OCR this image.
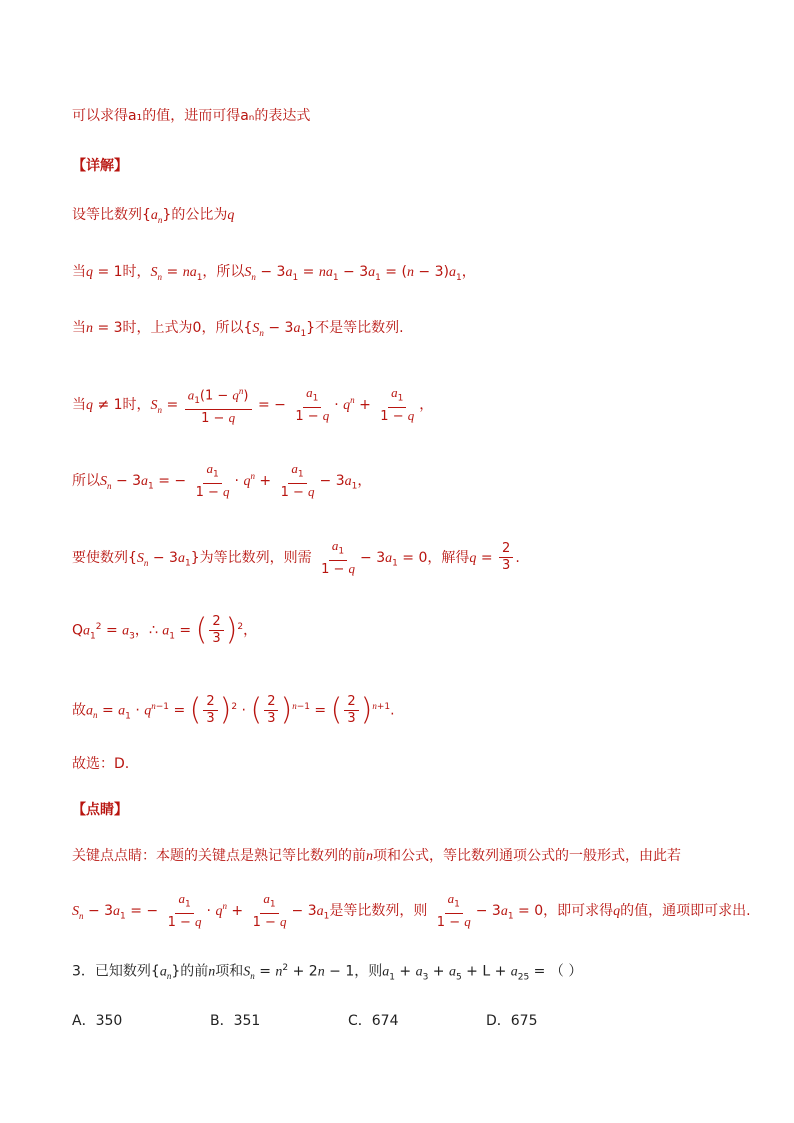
可以求得a₁的值，进而可得aₙ的表达式
【详解】
设等比数列$\{a_n\}$的公比为q
当q = 1时，$S_n = na_1$，所以$S_n - 3a_1 = na_1 - 3a_1 = (n - 3)a_1$，
当n = 3时，上式为0，所以$\{S_n - 3a_1\}$不是等比数列.
当q ≠ 1时，$S_n = \frac{a_1(1 - q^n)}{1 - q}$ = − $\frac{a_1}{1 - q} \cdot q^n + \frac{a_1}{1 - q}$ ，
所以$S_n - 3a_1$ = − $\frac{a_1}{1 - q} \cdot q^n + \frac{a_1}{1 - q} - 3a_1$，
要使数列$\{S_n - 3a_1\}$为等比数列，则需 $\frac{a_1}{1 - q} - 3a_1 = 0$，解得$q = \frac{2}{3}$ .
$Qa_1^2 = a_3$，∴ $a_1$ = ( $\frac{2}{3} )^2$，
故$a_n = a_1 \cdot q^{n-1}$ = ( $\frac{2}{3} )^2$ · ( $\frac{2}{3} )^{n-1}$ = ( $\frac{2}{3} )^{n+1}$.
故选：D.
【点睛】
关键点点睛：本题的关键点是熟记等比数列的前n项和公式，等比数列通项公式的一般形式，由此若
$S_n - 3a_1$ = − $\frac{a_1}{1 - q} \cdot q^n + \frac{a_1}{1 - q} - 3a_1$是等比数列，则 $\frac{a_1}{1 - q} - 3a_1 = 0$，即可求得q的值，通项即可求出.
3．已知数列$\{a_n\}$的前n项和$S_n = n^2 + 2n - 1$，则$a_1 + a_3 + a_5 + L + a_{25}$ = （ ）
A．350	B．351	C．674	D．675
